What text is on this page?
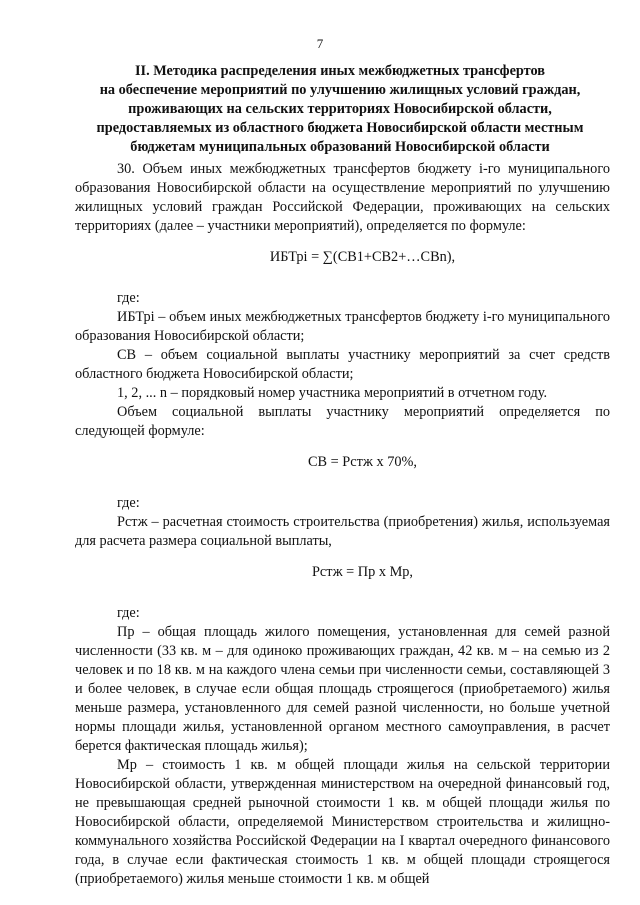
7
II. Методика распределения иных межбюджетных трансфертов
на обеспечение мероприятий по улучшению жилищных условий граждан,
проживающих на сельских территориях Новосибирской области,
предоставляемых из областного бюджета Новосибирской области местным
бюджетам муниципальных образований Новосибирской области

30. Объем иных межбюджетных трансфертов бюджету i-го муниципального образования Новосибирской области на осуществление мероприятий по улучшению жилищных условий граждан Российской Федерации, проживающих на сельских территориях (далее – участники мероприятий), определяется по формуле:

ИБТрi = ∑(СВ1+СВ2+…СВn),

где:

ИБТрi – объем иных межбюджетных трансфертов бюджету i-го муниципального образования Новосибирской области;

СВ – объем социальной выплаты участнику мероприятий за счет средств областного бюджета Новосибирской области;

1, 2, ... n – порядковый номер участника мероприятий в отчетном году.

Объем социальной выплаты участнику мероприятий определяется по следующей формуле:

СВ = Рстж x 70%,

где:

Рстж – расчетная стоимость строительства (приобретения) жилья, используемая для расчета размера социальной выплаты,

Рстж = Пр x Мр,

где:

Пр – общая площадь жилого помещения, установленная для семей разной численности (33 кв. м – для одиноко проживающих граждан, 42 кв. м – на семью из 2 человек и по 18 кв. м на каждого члена семьи при численности семьи, составляющей 3 и более человек, в случае если общая площадь строящегося (приобретаемого) жилья меньше размера, установленного для семей разной численности, но больше учетной нормы площади жилья, установленной органом местного самоуправления, в расчет берется фактическая площадь жилья);

Мр – стоимость 1 кв. м общей площади жилья на сельской территории Новосибирской области, утвержденная министерством на очередной финансовый год, не превышающая средней рыночной стоимости 1 кв. м общей площади жилья по Новосибирской области, определяемой Министерством строительства и жилищно-коммунального хозяйства Российской Федерации на I квартал очередного финансового года, в случае если фактическая стоимость 1 кв. м общей площади строящегося (приобретаемого) жилья меньше стоимости 1 кв. м общей
